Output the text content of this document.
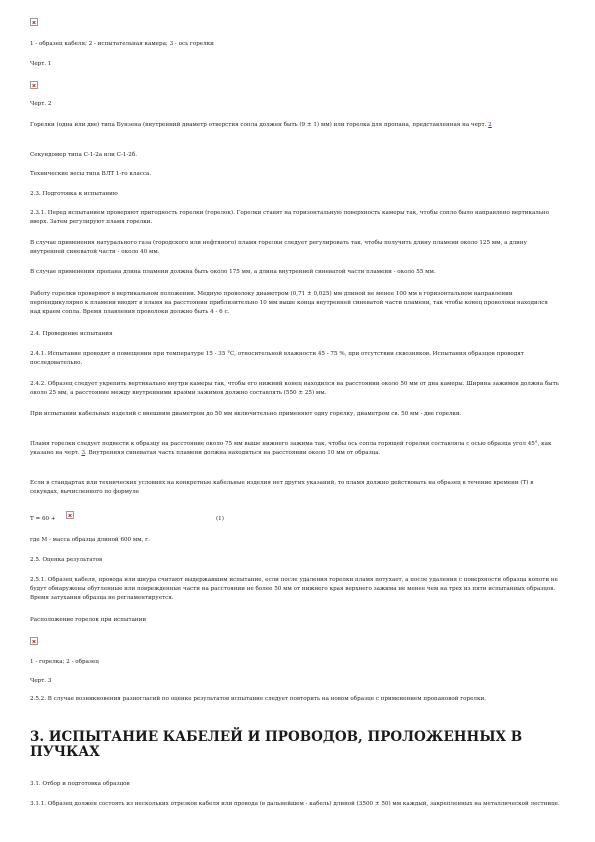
1 - образец кабеля; 2 - испытательная камера; 3 - ось горелки
Черт. 1
Черт. 2
Горелки (одна или две) типа Бунзена (внутренний диаметр отверстия сопла должен быть (9 ± 1) мм) или горелка для пропана, представленная на черт. 2
Секундомер типа С-1-2а или С-1-2б.
Технические весы типа ВЛТ 1-го класса.
2.3. Подготовка к испытанию
2.3.1. Перед испытанием проверяют пригодность горелки (горелок). Горелки ставят на горизонтальную поверхность камеры так, чтобы сопло было направлено вертикально вверх. Затем регулируют пламя горелки.
В случае применения натурального газа (городского или нефтяного) пламя горелки следует регулировать так, чтобы получить длину пламени около 125 мм, а длину внутренней синеватой части - около 40 мм.
В случае применения пропана длина пламени должна быть около 175 мм, а длина внутренней синеватой части пламени - около 55 мм.
Работу горелки проверяют в вертикальном положении. Медную проволоку диаметром (0,71 ± 0,025) мм длиной не менее 100 мм в горизонтальном направлении перпендикулярно к пламени вводят в пламя на расстоянии приблизительно 10 мм выше конца внутренней синеватой части пламени, так чтобы конец проволоки находился над краем сопла. Время плавления проволоки должно быть 4 - 6 с.
2.4. Проведение испытания
2.4.1. Испытание проводят в помещении при температуре 15 - 35 °С, относительной влажности 45 - 75 %, при отсутствии сквозняков. Испытания образцов проводят последовательно.
2.4.2. Образец следует укрепить вертикально внутри камеры так, чтобы его нижний конец находился на расстоянии около 50 мм от дна камеры. Ширина зажимов должна быть около 25 мм, а расстояние между внутренними краями зажимов должно составлять (550 ± 25) мм.
При испытании кабельных изделий с внешним диаметром до 50 мм включительно применяют одну горелку, диаметром св. 50 мм - две горелки.
Пламя горелки следует подвести к образцу на расстояние около 75 мм выше нижнего зажима так, чтобы ось сопла горящей горелки составляла с осью образца угол 45°, как указано на черт. 3. Внутренняя синеватая часть пламени должна находиться на расстоянии около 10 мм от образца.
Если в стандартах или технических условиях на конкретные кабельные изделия нет других указаний, то пламя должно действовать на образец в течение времени (T) в секундах, вычисленного по формуле
T = 60 +	(1)
где M - масса образца длиной 600 мм, г.
2.5. Оценка результатов
2.5.1. Образец кабеля, провода или шнура считают выдержавшим испытание, если после удаления горелки пламя потухает, а после удаления с поверхности образца копоти не будут обнаружены обугленные или поврежденные части на расстоянии не более 50 мм от нижнего края верхнего зажима не менее чем на трех из пяти испытанных образцов. Время затухания образца не регламентируется.
Расположение горелок при испытании
1 - горелка; 2 - образец
Черт. 3
2.5.2. В случае возникновения разногласий по оценке результатов испытание следует повторить на новом образце с применением пропановой горелки.
3. ИСПЫТАНИЕ КАБЕЛЕЙ И ПРОВОДОВ, ПРОЛОЖЕННЫХ В ПУЧКАХ
3.1. Отбор и подготовка образцов
3.1.1. Образец должен состоять из нескольких отрезков кабеля или провода (в дальнейшем - кабель) длиной (3500 ± 50) мм каждый, закрепленных на металлической лестнице.
